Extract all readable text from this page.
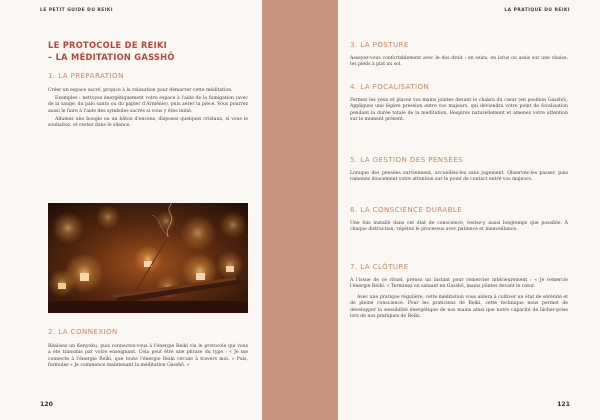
LE PETIT GUIDE DU REIKI
LE PROTOCOLE DE REIKI
– LA MÉDITATION GASSHÔ
1. LA PRÉPARATION

Créer un espace sacré, propice à la relaxation pour démarrer cette méditation.

Exemples : nettoyez énergétiquement votre espace à l'aide de la fumigation (avec de la sauge, du palo santo ou du papier d'Arménie), puis aérer la pièce. Vous pourrez aussi le faire à l'aide des symboles sacrés si vous y êtes initié.

Allumez une bougie ou un bâton d'encens, disposez quelques cristaux, si vous le souhaitez, et restez dans le silence.

2. LA CONNEXION

Réalisez un Kenyoku, puis connectez-vous à l'énergie Reiki via le protocole qui vous a été transmis par votre enseignant. Cela peut être une phrase du type : « Je me connecte à l'énergie Reiki, que toute l'énergie Reiki circule à travers moi. » Puis, formulez « Je commence maintenant la méditation Gasshô. »

120
LA PRATIQUE DU REIKI
3. LA POSTURE

Asseyez-vous confortablement avec le dos droit : en seiza, en lotus ou assis sur une chaise, les pieds à plat au sol.

4. LA FOCALISATION

Fermez les yeux et placez vos mains jointes devant le chakra du cœur (en position Gasshô). Appliquez une légère pression entre vos majeurs, qui deviendra votre point de focalisation pendant la durée totale de la méditation. Respirez naturellement et amenez votre attention sur le moment présent.

5. LA GESTION DES PENSÉES

Lorsque des pensées surviennent, accueillez-les sans jugement. Observez-les passer, puis ramenez doucement votre attention sur le point de contact entre vos majeurs.

6. LA CONSCIENCE DURABLE

Une fois installé dans cet état de conscience, restez-y aussi longtemps que possible. À chaque distraction, répétez le processus avec patience et bienveillance.

7. LA CLÔTURE

À l'issue de ce rituel, prenez un instant pour remercier intérieurement : « Je remercie l'énergie Reiki. » Terminez en saluant en Gasshô, mains jointes devant le cœur.

Avec une pratique régulière, cette méditation vous aidera à cultiver un état de sérénité et de pleine conscience. Pour les praticiens de Reiki, cette technique nous permet de développer la sensibilité énergétique de nos mains ainsi que notre capacité de lâcher-prise lors de nos pratiques de Reiki.

121
